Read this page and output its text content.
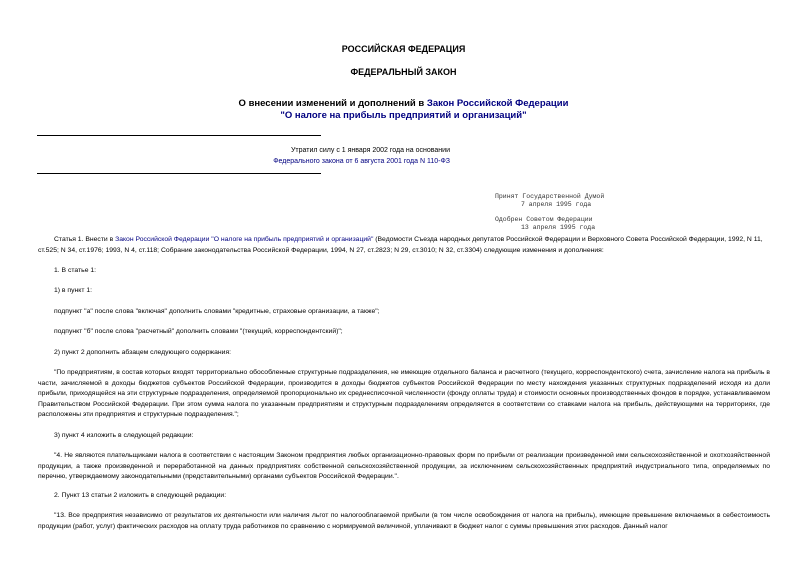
РОССИЙСКАЯ ФЕДЕРАЦИЯ
ФЕДЕРАЛЬНЫЙ ЗАКОН
О внесении изменений и дополнений в Закон Российской Федерации
"О налоге на прибыль предприятий и организаций"
Утратил силу с 1 января 2002 года на основании
Федерального закона от 6 августа 2001 года N 110-ФЗ
Принят Государственной Думой
7 апреля 1995 года
Одобрен Советом Федерации
13 апреля 1995 года

Статья 1. Внести в Закон Российской Федерации "О налоге на прибыль предприятий и организаций" (Ведомости Съезда народных депутатов Российской Федерации и Верховного Совета Российской Федерации, 1992, N 11, ст.525; N 34, ст.1976; 1993, N 4, ст.118; Собрание законодательства Российской Федерации, 1994, N 27, ст.2823; N 29, ст.3010; N 32, ст.3304) следующие изменения и дополнения:

1. В статье 1:
1) в пункт 1:
подпункт "а" после слова "включая" дополнить словами "кредитные, страховые организации, а также";
подпункт "б" после слова "расчетный" дополнить словами "(текущий, корреспондентский)";
2) пункт 2 дополнить абзацем следующего содержания:
"По предприятиям, в состав которых входят территориально обособленные структурные подразделения, не имеющие отдельного баланса и расчетного (текущего, корреспондентского) счета, зачисление налога на прибыль в части, зачисляемой в доходы бюджетов субъектов Российской Федерации, производится в доходы бюджетов субъектов Российской Федерации по месту нахождения указанных структурных подразделений исходя из доли прибыли, приходящейся на эти структурные подразделения, определяемой пропорционально их среднесписочной численности (фонду оплаты труда) и стоимости основных производственных фондов в порядке, устанавливаемом Правительством Российской Федерации. При этом сумма налога по указанным предприятиям и структурным подразделениям определяется в соответствии со ставками налога на прибыль, действующими на территориях, где расположены эти предприятия и структурные подразделения.";
3) пункт 4 изложить в следующей редакции:
"4. Не являются плательщиками налога в соответствии с настоящим Законом предприятия любых организационно-правовых форм по прибыли от реализации произведенной ими сельскохозяйственной и охотхозяйственной продукции, а также произведенной и переработанной на данных предприятиях собственной сельскохозяйственной продукции, за исключением сельскохозяйственных предприятий индустриального типа, определяемых по перечню, утверждаемому законодательными (представительными) органами субъектов Российской Федерации.".
2. Пункт 13 статьи 2 изложить в следующей редакции:
"13. Все предприятия независимо от результатов их деятельности или наличия льгот по налогооблагаемой прибыли (в том числе освобождения от налога на прибыль), имеющие превышение включаемых в себестоимость продукции (работ, услуг) фактических расходов на оплату труда работников по сравнению с нормируемой величиной, уплачивают в бюджет налог с суммы превышения этих расходов. Данный налог
